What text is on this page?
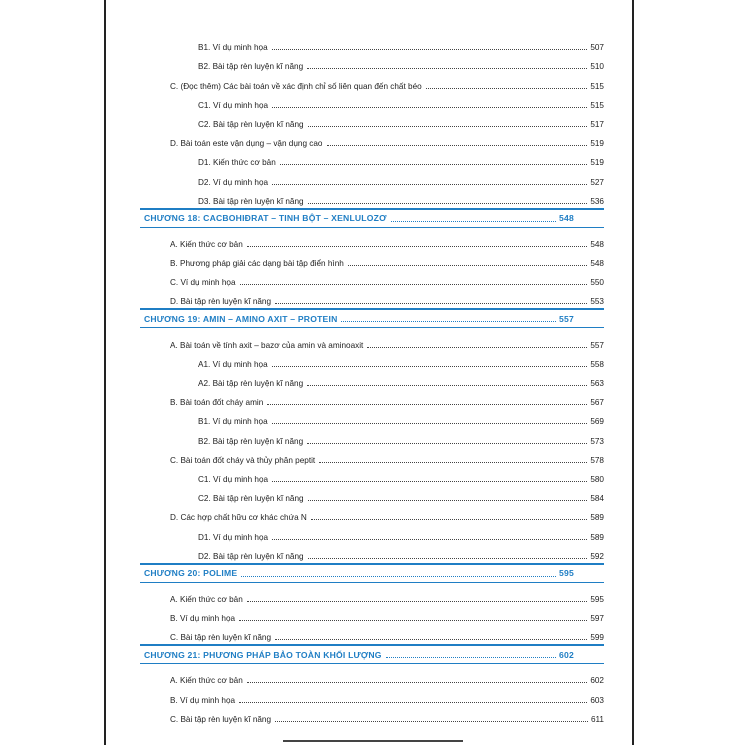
B1. Ví dụ minh họa	507
B2. Bài tập rèn luyện kĩ năng	510
C. (Đọc thêm) Các bài toán về xác định chỉ số liên quan đến chất béo	515
C1. Ví dụ minh họa	515
C2. Bài tập rèn luyện kĩ năng	517
D. Bài toán este vận dụng – vận dụng cao	519
D1. Kiến thức cơ bản	519
D2. Ví dụ minh họa	527
D3. Bài tập rèn luyện kĩ năng	536
CHƯƠNG 18: CACBOHIĐRAT – TINH BỘT – XENLULOZƠ	548
A. Kiến thức cơ bản	548
B. Phương pháp giải các dạng bài tập điển hình	548
C. Ví dụ minh họa	550
D. Bài tập rèn luyện kĩ năng	553
CHƯƠNG 19: AMIN – AMINO AXIT – PROTEIN	557
A. Bài toán về tính axit – bazơ của amin và aminoaxit	557
A1. Ví dụ minh họa	558
A2. Bài tập rèn luyện kĩ năng	563
B. Bài toán đốt cháy amin	567
B1. Ví dụ minh họa	569
B2. Bài tập rèn luyện kĩ năng	573
C. Bài toán đốt cháy và thủy phân peptit	578
C1. Ví dụ minh họa	580
C2. Bài tập rèn luyện kĩ năng	584
D. Các hợp chất hữu cơ khác chứa N	589
D1. Ví dụ minh họa	589
D2. Bài tập rèn luyện kĩ năng	592
CHƯƠNG 20: POLIME	595
A. Kiến thức cơ bản	595
B. Ví dụ minh họa	597
C. Bài tập rèn luyện kĩ năng	599
CHƯƠNG 21: PHƯƠNG PHÁP BẢO TOÀN KHỐI LƯỢNG	602
A. Kiến thức cơ bản	602
B. Ví dụ minh họa	603
C. Bài tập rèn luyện kĩ năng	611
